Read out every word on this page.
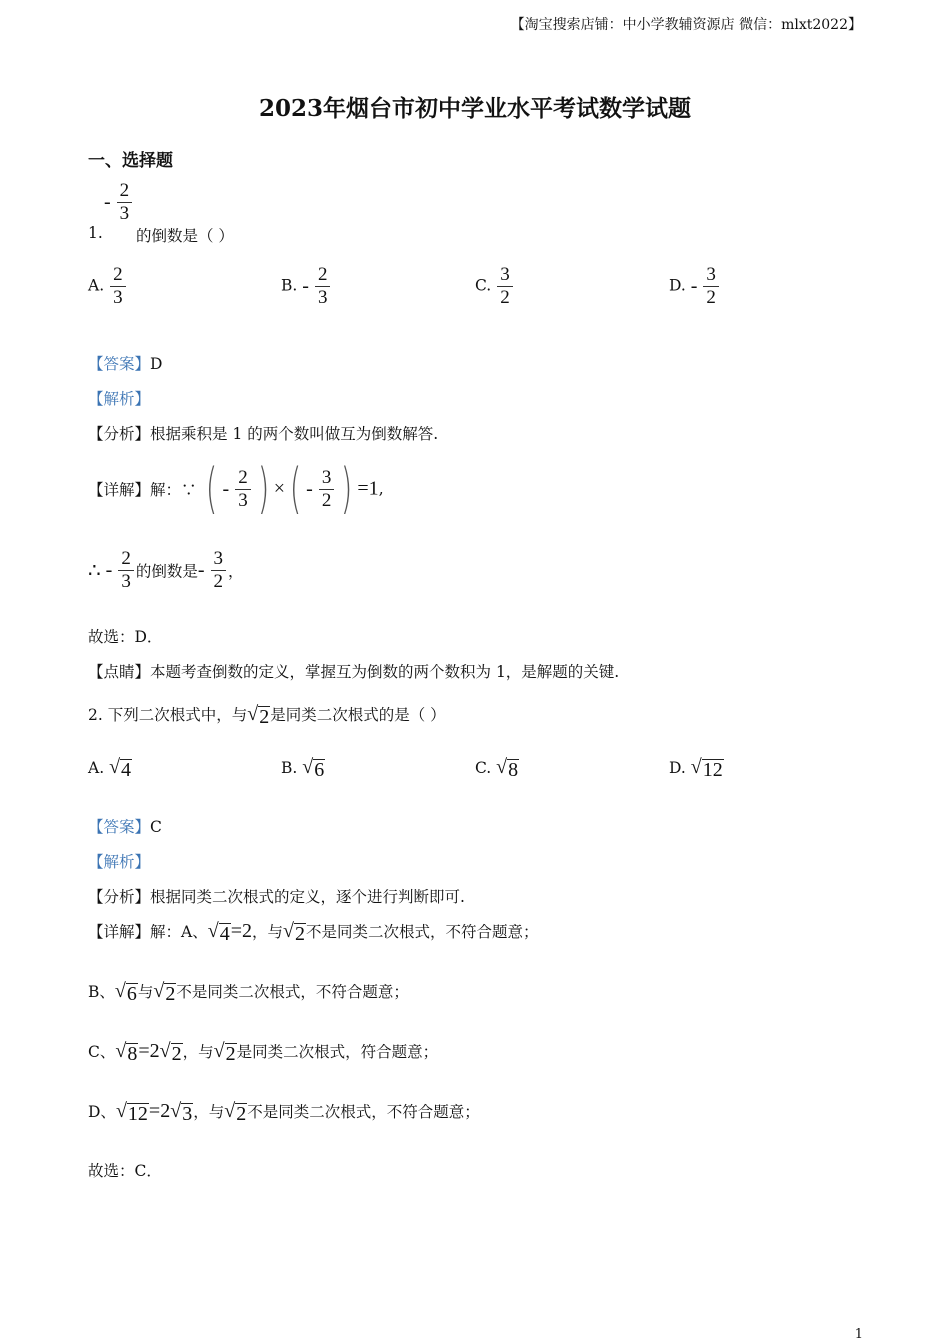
【淘宝搜索店铺：中小学教辅资源店 微信：mlxt2022】
2023年烟台市初中学业水平考试数学试题
一、选择题
- $\frac{2}{3}$
1. 的倒数是（ ）
A. $\frac{2}{3}$	B. - $\frac{2}{3}$	C. $\frac{3}{2}$	D. - $\frac{3}{2}$
【答案】D
【解析】
【分析】根据乘积是 1 的两个数叫做互为倒数解答.
【详解】解：∵ ( - $\frac{2}{3}$ ) ×( - $\frac{3}{2}$ ) =1,
∴ - $\frac{2}{3}$ 的倒数是- $\frac{3}{2}$ ，
故选：D．
【点睛】本题考查倒数的定义，掌握互为倒数的两个数积为 1，是解题的关键.
2. 下列二次根式中，与 √ 2 是同类二次根式的是（ ）
A. √ 4	B. √ 6	C. √ 8	D. √ 12
【答案】C
【解析】
【分析】根据同类二次根式的定义，逐个进行判断即可.
【详解】解：A、 √ 4 =2，与 √ 2 不是同类二次根式，不符合题意；
B、 √ 6 与 √ 2 不是同类二次根式，不符合题意；
C、 √ 8 =2 √ 2 ，与 √ 2 是同类二次根式，符合题意；
D、 √ 12 =2 √ 3 ，与 √ 2 不是同类二次根式，不符合题意；
故选：C．
1
